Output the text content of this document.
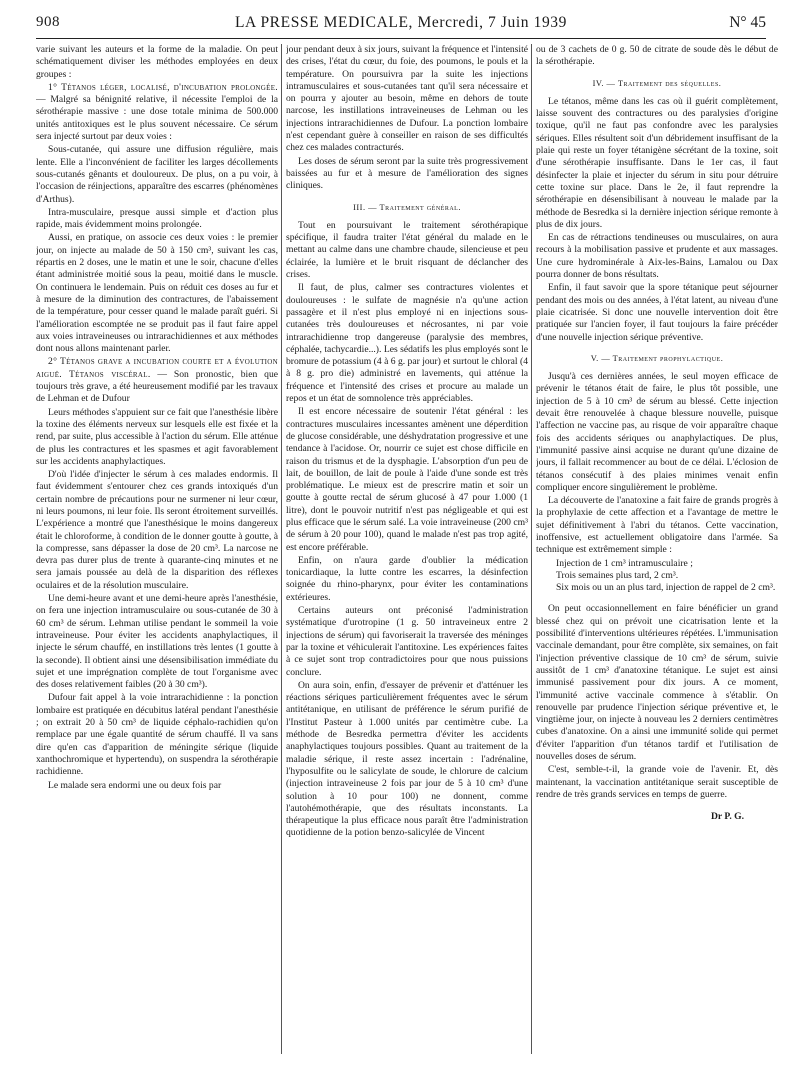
908	LA PRESSE MEDICALE, Mercredi, 7 Juin 1939	N° 45

varie suivant les auteurs et la forme de la maladie. On peut schématiquement diviser les méthodes employées en deux groupes :

1° Tétanos léger, localisé, d'incubation prolongée. — Malgré sa bénignité relative, il nécessite l'emploi de la sérothérapie massive : une dose totale minima de 500.000 unités antitoxiques est le plus souvent nécessaire. Ce sérum sera injecté surtout par deux voies :

Sous-cutanée, qui assure une diffusion régulière, mais lente. Elle a l'inconvénient de faciliter les larges décollements sous-cutanés gênants et douloureux. De plus, on a pu voir, à l'occasion de réinjections, apparaître des escarres (phénomènes d'Arthus).

Intra-musculaire, presque aussi simple et d'action plus rapide, mais évidemment moins prolongée.

Aussi, en pratique, on associe ces deux voies : le premier jour, on injecte au malade de 50 à 150 cm³, suivant les cas, répartis en 2 doses, une le matin et une le soir, chacune d'elles étant administrée moitié sous la peau, moitié dans le muscle. On continuera le lendemain. Puis on réduit ces doses au fur et à mesure de la diminution des contractures, de l'abaissement de la température, pour cesser quand le malade paraît guéri. Si l'amélioration escomptée ne se produit pas il faut faire appel aux voies intraveineuses ou intrarachidiennes et aux méthodes dont nous allons maintenant parler.

2° Tétanos grave a incubation courte et a évolution aiguë. Tétanos viscéral. — Son pronostic, bien que toujours très grave, a été heureusement modifié par les travaux de Lehman et de Dufour

Leurs méthodes s'appuient sur ce fait que l'anesthésie libère la toxine des éléments nerveux sur lesquels elle est fixée et la rend, par suite, plus accessible à l'action du sérum. Elle atténue de plus les contractures et les spasmes et agit favorablement sur les accidents anaphylactiques.

D'où l'idée d'injecter le sérum à ces malades endormis. Il faut évidemment s'entourer chez ces grands intoxiqués d'un certain nombre de précautions pour ne surmener ni leur cœur, ni leurs poumons, ni leur foie. Ils seront étroitement surveillés. L'expérience a montré que l'anesthésique le moins dangereux était le chloroforme, à condition de le donner goutte à goutte, à la compresse, sans dépasser la dose de 20 cm³. La narcose ne devra pas durer plus de trente à quarante-cinq minutes et ne sera jamais poussée au delà de la disparition des réflexes oculaires et de la résolution musculaire.

Une demi-heure avant et une demi-heure après l'anesthésie, on fera une injection intramusculaire ou sous-cutanée de 30 à 60 cm³ de sérum. Lehman utilise pendant le sommeil la voie intraveineuse. Pour éviter les accidents anaphylactiques, il injecte le sérum chauffé, en instillations très lentes (1 goutte à la seconde). Il obtient ainsi une désensibilisation immédiate du sujet et une imprégnation complète de tout l'organisme avec des doses relativement faibles (20 à 30 cm³).

Dufour fait appel à la voie intrarachidienne : la ponction lombaire est pratiquée en décubitus latéral pendant l'anesthésie ; on extrait 20 à 50 cm³ de liquide céphalo-rachidien qu'on remplace par une égale quantité de sérum chauffé. Il va sans dire qu'en cas d'apparition de méningite sérique (liquide xanthochromique et hypertendu), on suspendra la sérothérapie rachidienne.

Le malade sera endormi une ou deux fois par

jour pendant deux à six jours, suivant la fréquence et l'intensité des crises, l'état du cœur, du foie, des poumons, le pouls et la température. On poursuivra par la suite les injections intramusculaires et sous-cutanées tant qu'il sera nécessaire et on pourra y ajouter au besoin, même en dehors de toute narcose, les instillations intraveineuses de Lehman ou les injections intrarachidiennes de Dufour. La ponction lombaire n'est cependant guère à conseiller en raison de ses difficultés chez ces malades contracturés.

Les doses de sérum seront par la suite très progressivement baissées au fur et à mesure de l'amélioration des signes cliniques.

III. — Traitement général.

Tout en poursuivant le traitement sérothérapique spécifique, il faudra traiter l'état général du malade en le mettant au calme dans une chambre chaude, silencieuse et peu éclairée, la lumière et le bruit risquant de déclancher des crises.

Il faut, de plus, calmer ses contractures violentes et douloureuses : le sulfate de magnésie n'a qu'une action passagère et il n'est plus employé ni en injections sous-cutanées très douloureuses et nécrosantes, ni par voie intrarachidienne trop dangereuse (paralysie des membres, céphalée, tachycardie...). Les sédatifs les plus employés sont le bromure de potassium (4 à 6 g. par jour) et surtout le chloral (4 à 8 g. pro die) administré en lavements, qui atténue la fréquence et l'intensité des crises et procure au malade un repos et un état de somnolence très appréciables.

Il est encore nécessaire de soutenir l'état général : les contractures musculaires incessantes amènent une déperdition de glucose considérable, une déshydratation progressive et une tendance à l'acidose. Or, nourrir ce sujet est chose difficile en raison du trismus et de la dysphagie. L'absorption d'un peu de lait, de bouillon, de lait de poule à l'aide d'une sonde est très problématique. Le mieux est de prescrire matin et soir un goutte à goutte rectal de sérum glucosé à 47 pour 1.000 (1 litre), dont le pouvoir nutritif n'est pas négligeable et qui est plus efficace que le sérum salé. La voie intraveineuse (200 cm³ de sérum à 20 pour 100), quand le malade n'est pas trop agité, est encore préférable.

Enfin, on n'aura garde d'oublier la médication tonicardiaque, la lutte contre les escarres, la désinfection soignée du rhino-pharynx, pour éviter les contaminations extérieures.

Certains auteurs ont préconisé l'administration systématique d'urotropine (1 g. 50 intraveineux entre 2 injections de sérum) qui favoriserait la traversée des méninges par la toxine et véhiculerait l'antitoxine. Les expériences faites à ce sujet sont trop contradictoires pour que nous puissions conclure.

On aura soin, enfin, d'essayer de prévenir et d'atténuer les réactions sériques particulièrement fréquentes avec le sérum antitétanique, en utilisant de préférence le sérum purifié de l'Institut Pasteur à 1.000 unités par centimètre cube. La méthode de Besredka permettra d'éviter les accidents anaphylactiques toujours possibles. Quant au traitement de la maladie sérique, il reste assez incertain : l'adrénaline, l'hyposulfite ou le salicylate de soude, le chlorure de calcium (injection intraveineuse 2 fois par jour de 5 à 10 cm³ d'une solution à 10 pour 100) ne donnent, comme l'autohémothérapie, que des résultats inconstants. La thérapeutique la plus efficace nous paraît être l'administration quotidienne de la potion benzo-salicylée de Vincent

ou de 3 cachets de 0 g. 50 de citrate de soude dès le début de la sérothérapie.

IV. — Traitement des séquelles.

Le tétanos, même dans les cas où il guérit complètement, laisse souvent des contractures ou des paralysies d'origine toxique, qu'il ne faut pas confondre avec les paralysies sériques. Elles résultent soit d'un débridement insuffisant de la plaie qui reste un foyer tétanigène sécrétant de la toxine, soit d'une sérothérapie insuffisante. Dans le 1er cas, il faut désinfecter la plaie et injecter du sérum in situ pour détruire cette toxine sur place. Dans le 2e, il faut reprendre la sérothérapie en désensibilisant à nouveau le malade par la méthode de Besredka si la dernière injection sérique remonte à plus de dix jours.

En cas de rétractions tendineuses ou musculaires, on aura recours à la mobilisation passive et prudente et aux massages. Une cure hydrominérale à Aix-les-Bains, Lamalou ou Dax pourra donner de bons résultats.

Enfin, il faut savoir que la spore tétanique peut séjourner pendant des mois ou des années, à l'état latent, au niveau d'une plaie cicatrisée. Si donc une nouvelle intervention doit être pratiquée sur l'ancien foyer, il faut toujours la faire précéder d'une nouvelle injection sérique préventive.

V. — Traitement prophylactique.

Jusqu'à ces dernières années, le seul moyen efficace de prévenir le tétanos était de faire, le plus tôt possible, une injection de 5 à 10 cm³ de sérum au blessé. Cette injection devait être renouvelée à chaque blessure nouvelle, puisque l'affection ne vaccine pas, au risque de voir apparaître chaque fois des accidents sériques ou anaphylactiques. De plus, l'immunité passive ainsi acquise ne durant qu'une dizaine de jours, il fallait recommencer au bout de ce délai. L'éclosion de tétanos consécutif à des plaies minimes venait enfin compliquer encore singulièrement le problème.

La découverte de l'anatoxine a fait faire de grands progrès à la prophylaxie de cette affection et a l'avantage de mettre le sujet définitivement à l'abri du tétanos. Cette vaccination, inoffensive, est actuellement obligatoire dans l'armée. Sa technique est extrêmement simple :

Injection de 1 cm³ intramusculaire ;

Trois semaines plus tard, 2 cm³.

Six mois ou un an plus tard, injection de rappel de 2 cm³.

On peut occasionnellement en faire bénéficier un grand blessé chez qui on prévoit une cicatrisation lente et la possibilité d'interventions ultérieures répétées. L'immunisation vaccinale demandant, pour être complète, six semaines, on fait l'injection préventive classique de 10 cm³ de sérum, suivie aussitôt de 1 cm³ d'anatoxine tétanique. Le sujet est ainsi immunisé passivement pour dix jours. A ce moment, l'immunité active vaccinale commence à s'établir. On renouvelle par prudence l'injection sérique préventive et, le vingtième jour, on injecte à nouveau les 2 derniers centimètres cubes d'anatoxine. On a ainsi une immunité solide qui permet d'éviter l'apparition d'un tétanos tardif et l'utilisation de nouvelles doses de sérum.

C'est, semble-t-il, la grande voie de l'avenir. Et, dès maintenant, la vaccination antitétanique serait susceptible de rendre de très grands services en temps de guerre.

Dr P. G.
